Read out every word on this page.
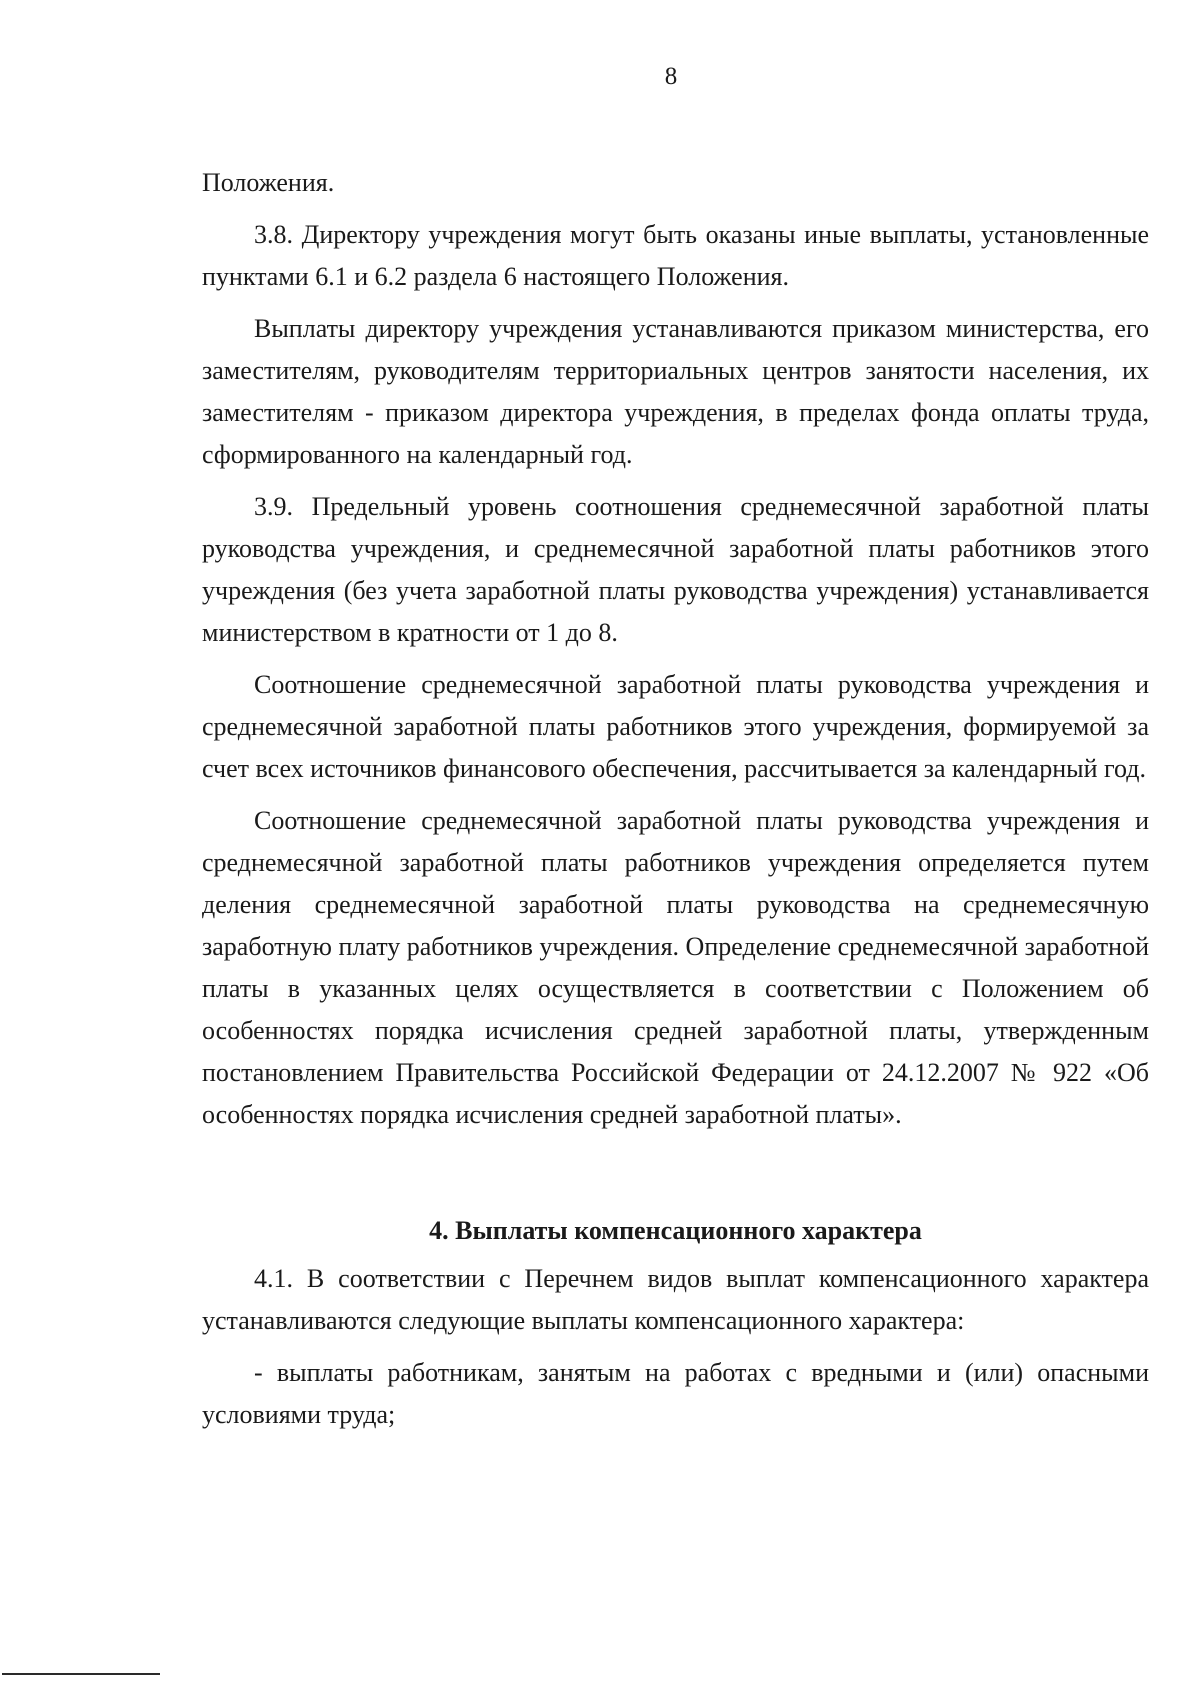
8

Положения.

3.8. Директору учреждения могут быть оказаны иные выплаты, установленные пунктами 6.1 и 6.2 раздела 6 настоящего Положения.

Выплаты директору учреждения устанавливаются приказом министерства, его заместителям, руководителям территориальных центров занятости населения, их заместителям - приказом директора учреждения, в пределах фонда оплаты труда, сформированного на календарный год.

3.9. Предельный уровень соотношения среднемесячной заработной платы руководства учреждения, и среднемесячной заработной платы работников этого учреждения (без учета заработной платы руководства учреждения) устанавливается министерством в кратности от 1 до 8.

Соотношение среднемесячной заработной платы руководства учреждения и среднемесячной заработной платы работников этого учреждения, формируемой за счет всех источников финансового обеспечения, рассчитывается за календарный год.

Соотношение среднемесячной заработной платы руководства учреждения и среднемесячной заработной платы работников учреждения определяется путем деления среднемесячной заработной платы руководства на среднемесячную заработную плату работников учреждения. Определение среднемесячной заработной платы в указанных целях осуществляется в соответствии с Положением об особенностях порядка исчисления средней заработной платы, утвержденным постановлением Правительства Российской Федерации от 24.12.2007 № 922 «Об особенностях порядка исчисления средней заработной платы».

4. Выплаты компенсационного характера

4.1. В соответствии с Перечнем видов выплат компенсационного характера устанавливаются следующие выплаты компенсационного характера:

- выплаты работникам, занятым на работах с вредными и (или) опасными условиями труда;
